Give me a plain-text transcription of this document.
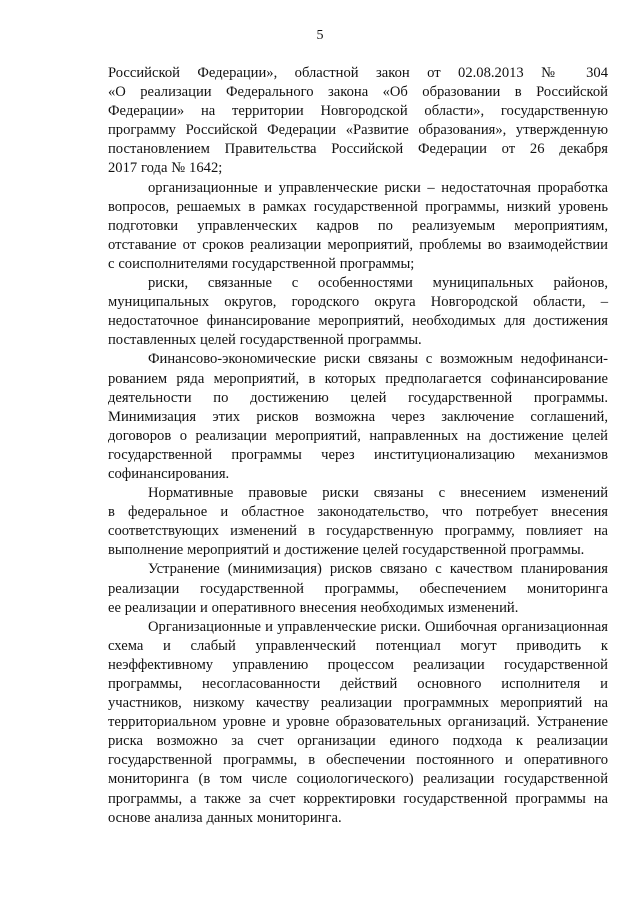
5
Российской Федерации», областной закон от 02.08.2013 № 304
«О реализации Федерального закона «Об образовании в Российской
Федерации» на территории Новгородской области», государственную
программу Российской Федерации «Развитие образования», утвержденную
постановлением Правительства Российской Федерации от 26 декабря
2017 года № 1642;
организационные и управленческие риски – недостаточная проработка
вопросов, решаемых в рамках государственной программы, низкий уровень
подготовки управленческих кадров по реализуемым мероприятиям,
отставание от сроков реализации мероприятий, проблемы во взаимодействии
с соисполнителями государственной программы;
риски, связанные с особенностями муниципальных районов,
муниципальных округов, городского округа Новгородской области, –
недостаточное финансирование мероприятий, необходимых для достижения
поставленных целей государственной программы.
Финансово-экономические риски связаны с возможным недофинанси-
рованием ряда мероприятий, в которых предполагается софинансирование
деятельности по достижению целей государственной программы.
Минимизация этих рисков возможна через заключение соглашений,
договоров о реализации мероприятий, направленных на достижение целей
государственной программы через институционализацию механизмов
софинансирования.
Нормативные правовые риски связаны с внесением изменений
в федеральное и областное законодательство, что потребует внесения
соответствующих изменений в государственную программу, повлияет на
выполнение мероприятий и достижение целей государственной программы.
Устранение (минимизация) рисков связано с качеством планирования
реализации государственной программы, обеспечением мониторинга
ее реализации и оперативного внесения необходимых изменений.
Организационные и управленческие риски. Ошибочная организационная
схема и слабый управленческий потенциал могут приводить к
неэффективному управлению процессом реализации государственной
программы, несогласованности действий основного исполнителя и
участников, низкому качеству реализации программных мероприятий на
территориальном уровне и уровне образовательных организаций. Устранение
риска возможно за счет организации единого подхода к реализации
государственной программы, в обеспечении постоянного и оперативного
мониторинга (в том числе социологического) реализации государственной
программы, а также за счет корректировки государственной программы на
основе анализа данных мониторинга.
